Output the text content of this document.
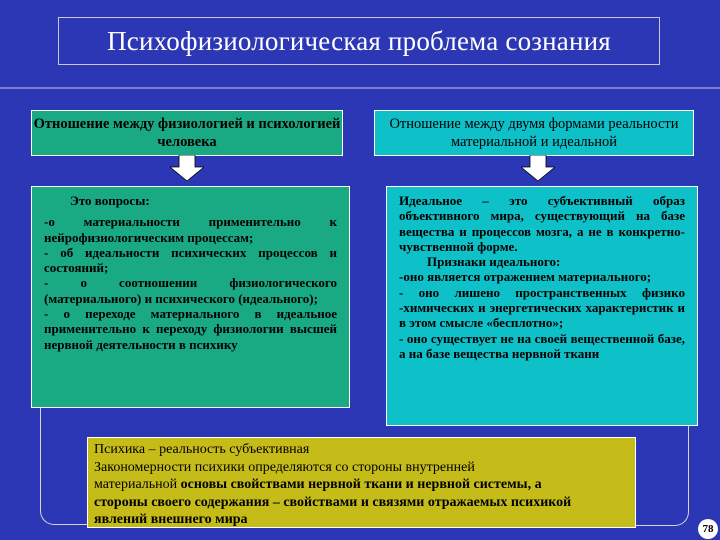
Психофизиологическая проблема сознания
Отношение между физиологией и психологией человека
Отношение между двумя формами реальности материальной и идеальной

Это вопросы:

-о материальности применительно к нейрофизиологическим процессам;

- об идеальности психических процессов и состояний;

- о соотношении физиологического (материального) и психического (идеального);

- о переходе материального в идеальное применительно к переходу физиологии высшей нервной деятельности в психику

Идеальное – это субъективный образ объективного мира, существующий на базе вещества и процессов мозга, а не в конкретно-чувственной форме.

Признаки идеального:

-оно является отражением материального;

- оно лишено пространственных физико -химических и энергетических характеристик и в этом смысле «бесплотно»;

- оно существует не на своей вещественной базе, а на базе вещества нервной ткани

Психика – реальность субъективная

Закономерности психики определяются со стороны внутренней

материальной основы свойствами нервной ткани и нервной системы, а

стороны своего содержания – свойствами и связями отражаемых психикой

явлений внешнего мира

78
